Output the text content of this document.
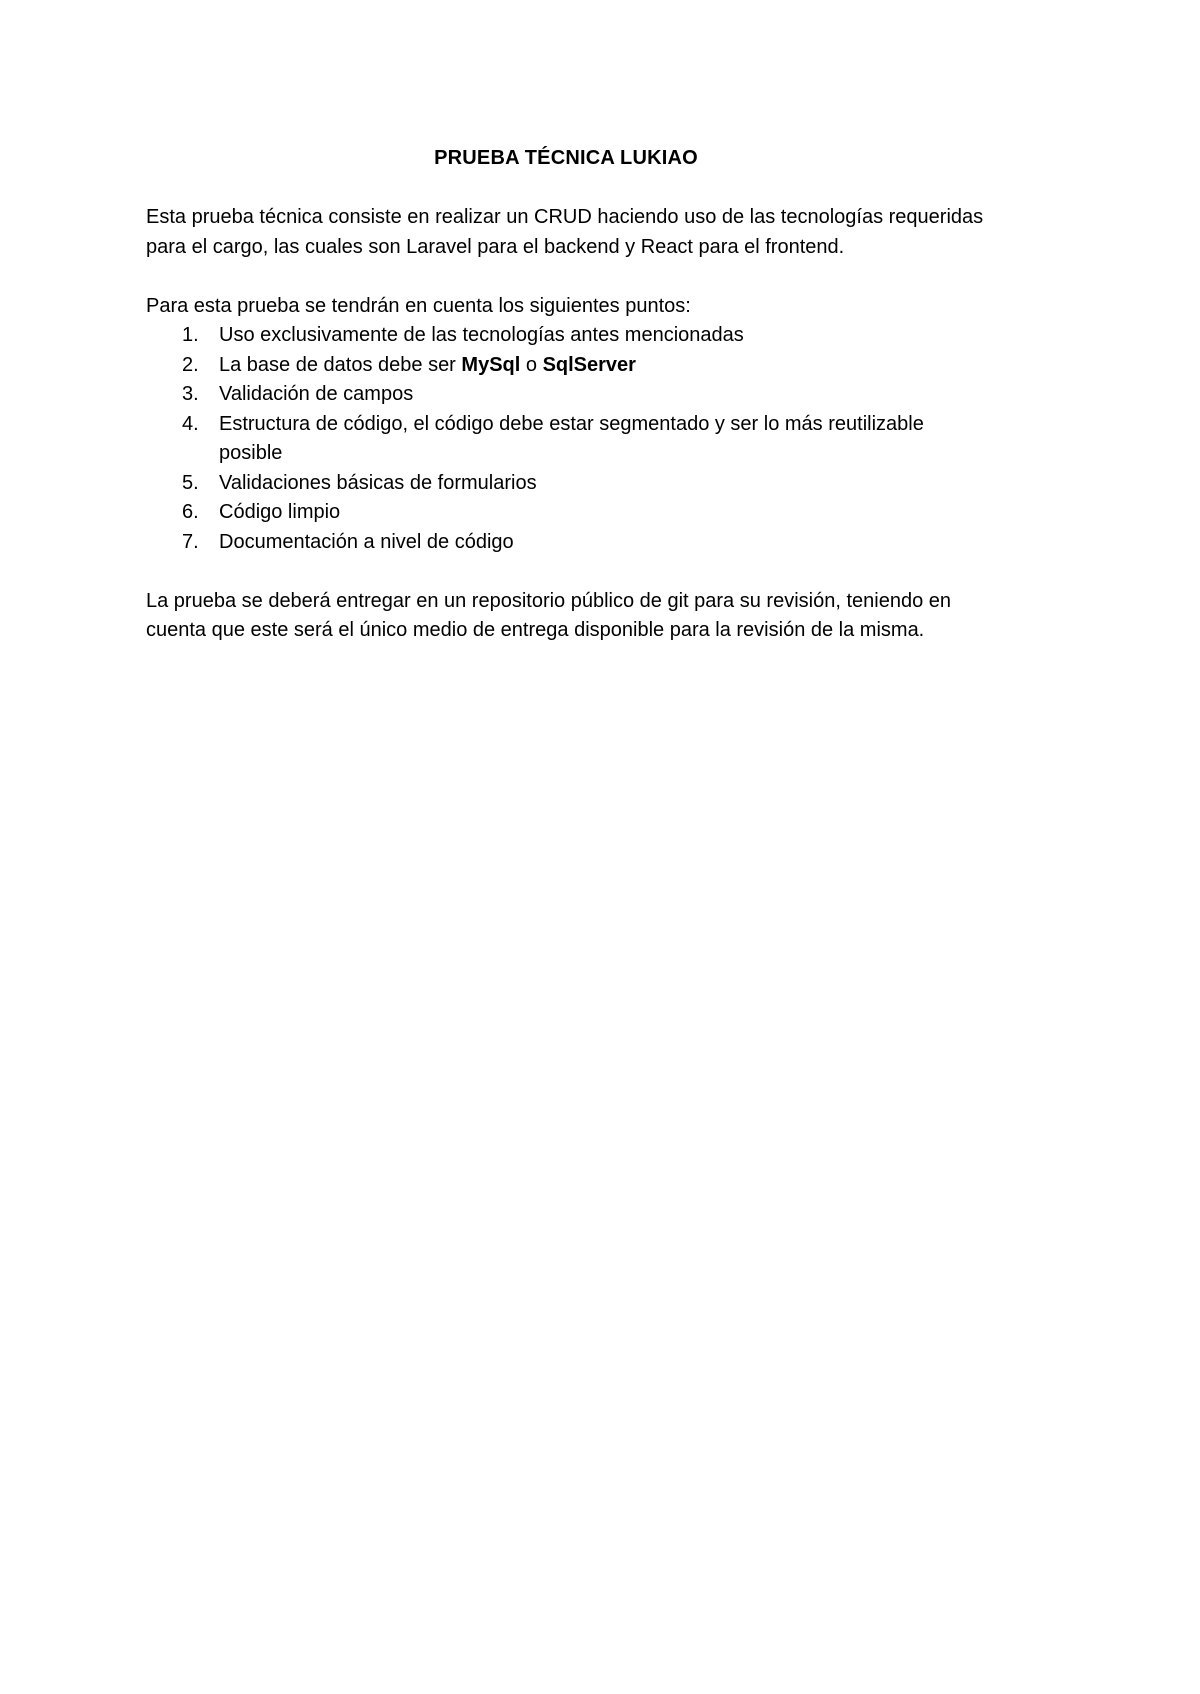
PRUEBA TÉCNICA LUKIAO

Esta prueba técnica consiste en realizar un CRUD haciendo uso de las tecnologías requeridas para el cargo, las cuales son Laravel para el backend y React para el frontend.

Para esta prueba se tendrán en cuenta los siguientes puntos:

1.	Uso exclusivamente de las tecnologías antes mencionadas
2.	La base de datos debe ser MySql o SqlServer
3.	Validación de campos
4.	Estructura de código, el código debe estar segmentado y ser lo más reutilizable posible
5.	Validaciones básicas de formularios
6.	Código limpio
7.	Documentación a nivel de código

La prueba se deberá entregar en un repositorio público de git para su revisión, teniendo en cuenta que este será el único medio de entrega disponible para la revisión de la misma.
